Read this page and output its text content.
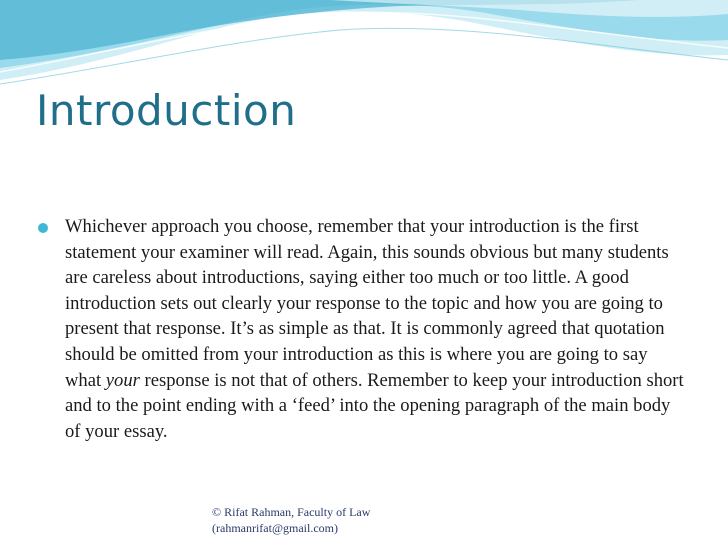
Introduction

Whichever approach you choose, remember that your introduction is the first statement your examiner will read. Again, this sounds obvious but many students are careless about introductions, saying either too much or too little. A good introduction sets out clearly your response to the topic and how you are going to present that response. It’s as simple as that. It is commonly agreed that quotation should be omitted from your introduction as this is where you are going to say what your response is not that of others. Remember to keep your introduction short and to the point ending with a ‘feed’ into the opening paragraph of the main body of your essay.

© Rifat Rahman, Faculty of Law
(rahmanrifat@gmail.com)
